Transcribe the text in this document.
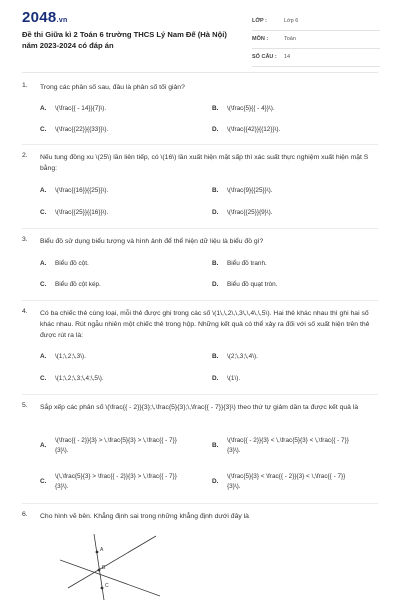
2048.vn
Đề thi Giữa kì 2 Toán 6 trường THCS Lý Nam Đế (Hà Nội) năm 2023-2024 có đáp án
LỚP :	Lớp 6
MÔN :	Toán
SỐ CÂU : 14
1. Trong các phân số sau, đâu là phân số tối giản?
A. \(\frac{{ - 14}}{7}\).	B. \(\frac{5}{{ - 4}}\).
C. \(\frac{{22}}{{33}}\).	D. \(\frac{{42}}{{12}}\).
2. Nếu tung đồng xu \(25\) lần liên tiếp, có \(16\) lần xuất hiện mặt sấp thì xác suất thực nghiệm xuất hiện mặt S bằng:
A. \(\frac{{16}}{{25}}\).	B. \(\frac{9}{{25}}\).
C. \(\frac{{25}}{{16}}\).	D. \(\frac{{25}}{9}\).
3. Biểu đồ sử dụng biểu tượng và hình ảnh để thể hiện dữ liệu là biểu đồ gì?
A. Biểu đồ cột.	B. Biểu đồ tranh.
C. Biểu đồ cột kép.	D. Biểu đồ quạt tròn.
4. Có ba chiếc thẻ cùng loại, mỗi thẻ được ghi trong các số \(1\,\,2\,\,3\,\,4\,\,5\). Hai thẻ khác nhau thì ghi hai số khác nhau. Rút ngẫu nhiên một chiếc thẻ trong hộp. Những kết quả có thể xảy ra đối với số xuất hiện trên thẻ được rút ra là:
A. \(1;\,2;\,3\).	B. \(2;\,3;\,4\).
C. \(1;\,2;\,3;\,4;\,5\).	D. \(1\).
5. Sắp xếp các phân số \(\frac{{ - 2}}{3};\,\frac{5}{3};\,\frac{{ - 7}}{3}\) theo thứ tự giảm dần ta được kết quả là
A.
\(\frac{{ - 2}}{3} > \,\frac{5}{3} > \,\frac{{ - 7}}{3}\).
B.
\(\frac{{ - 2}}{3} < \,\frac{5}{3} < \,\frac{{ - 7}}{3}\).
C.
\(\,\frac{5}{3} > \frac{{ - 2}}{3} > \,\frac{{ - 7}}{3}\).
D.
\(\frac{5}{3} < \frac{{ - 2}}{3} < \,\frac{{ - 7}}{3}\).
6. Cho hình vẽ bên. Khẳng định sai trong những khẳng định dưới đây là
A
B
C
